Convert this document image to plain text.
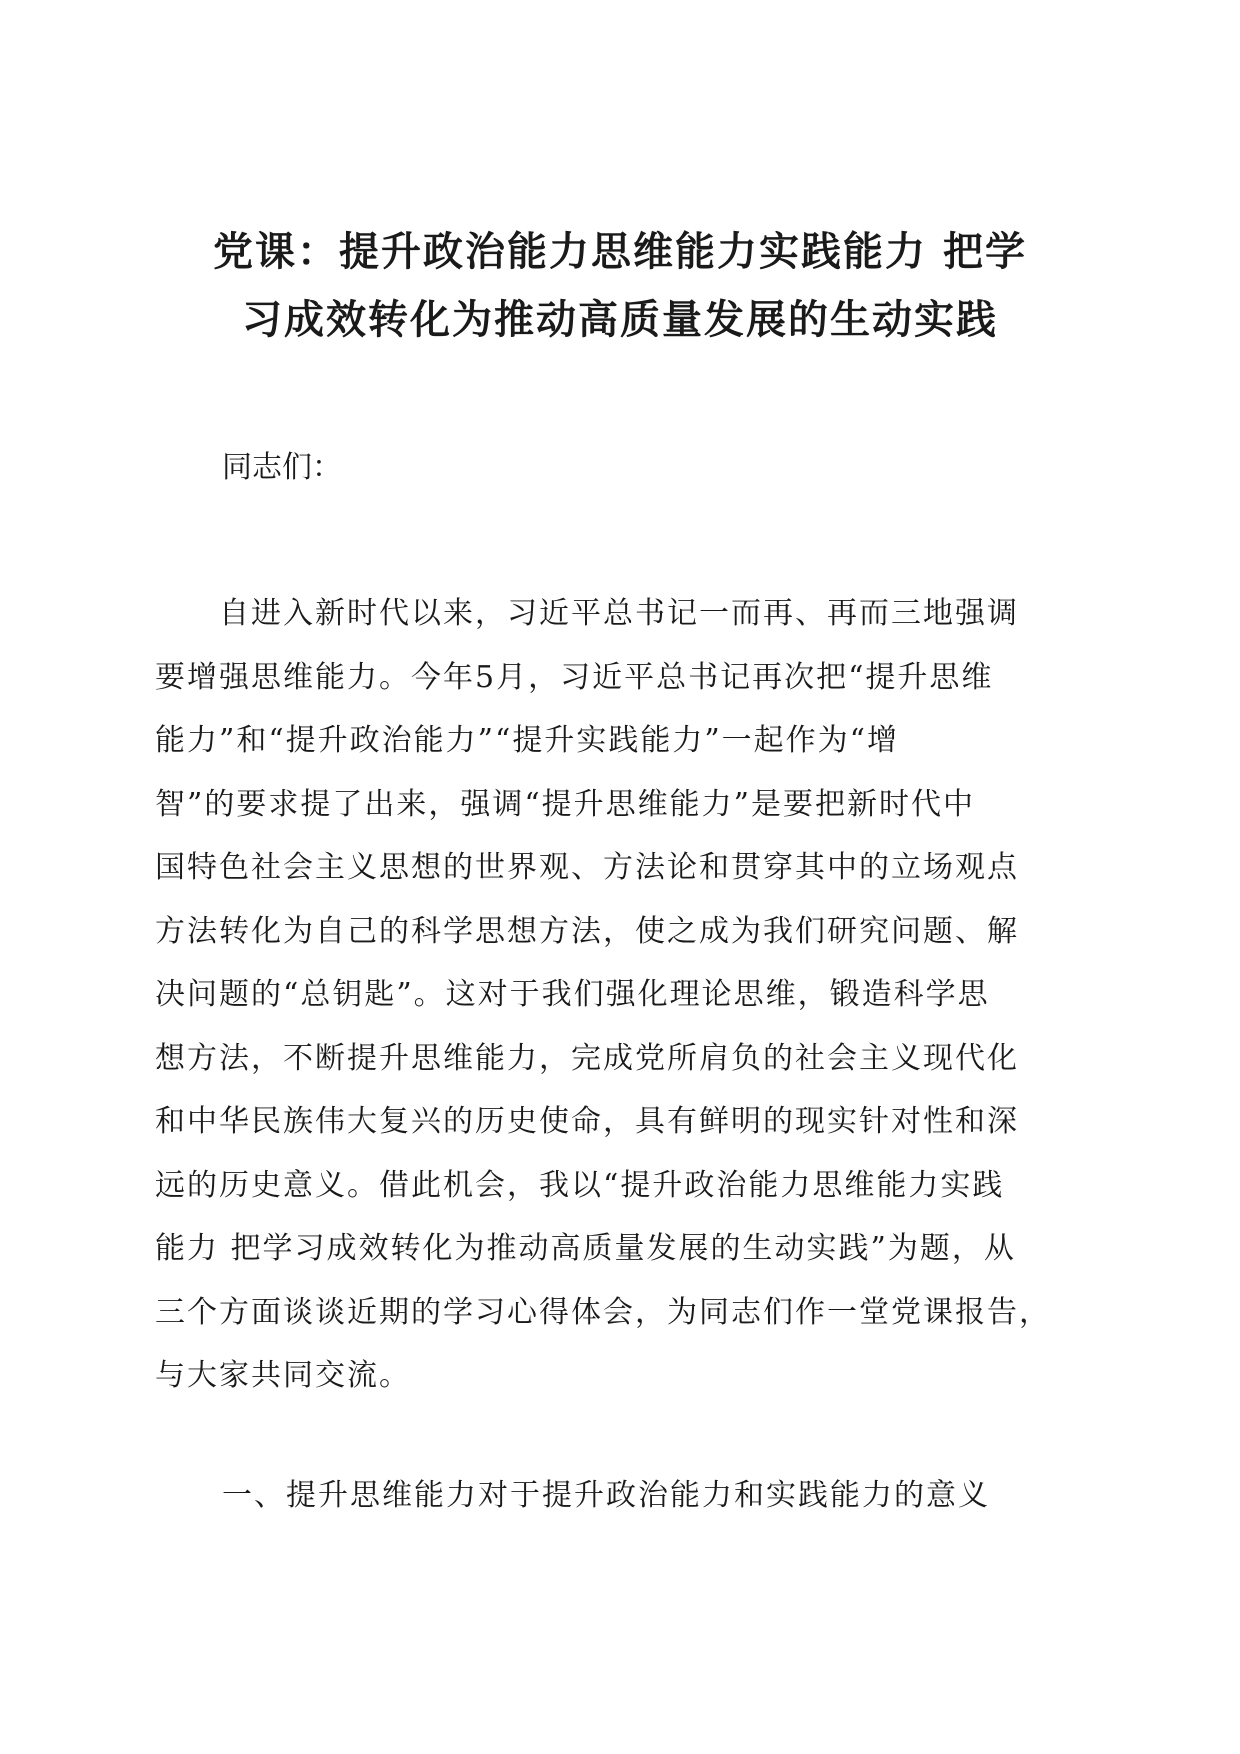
党课：提升政治能力思维能力实践能力 把学
习成效转化为推动高质量发展的生动实践

同志们：

　　自进入新时代以来，习近平总书记一而再、再而三地强调
要增强思维能力。今年5月，习近平总书记再次把“提升思维
能力”和“提升政治能力”“提升实践能力”一起作为“增
智”的要求提了出来，强调“提升思维能力”是要把新时代中
国特色社会主义思想的世界观、方法论和贯穿其中的立场观点
方法转化为自己的科学思想方法，使之成为我们研究问题、解
决问题的“总钥匙”。这对于我们强化理论思维，锻造科学思
想方法，不断提升思维能力，完成党所肩负的社会主义现代化
和中华民族伟大复兴的历史使命，具有鲜明的现实针对性和深
远的历史意义。借此机会，我以“提升政治能力思维能力实践
能力 把学习成效转化为推动高质量发展的生动实践”为题，从
三个方面谈谈近期的学习心得体会，为同志们作一堂党课报告，
与大家共同交流。
一、提升思维能力对于提升政治能力和实践能力的意义
